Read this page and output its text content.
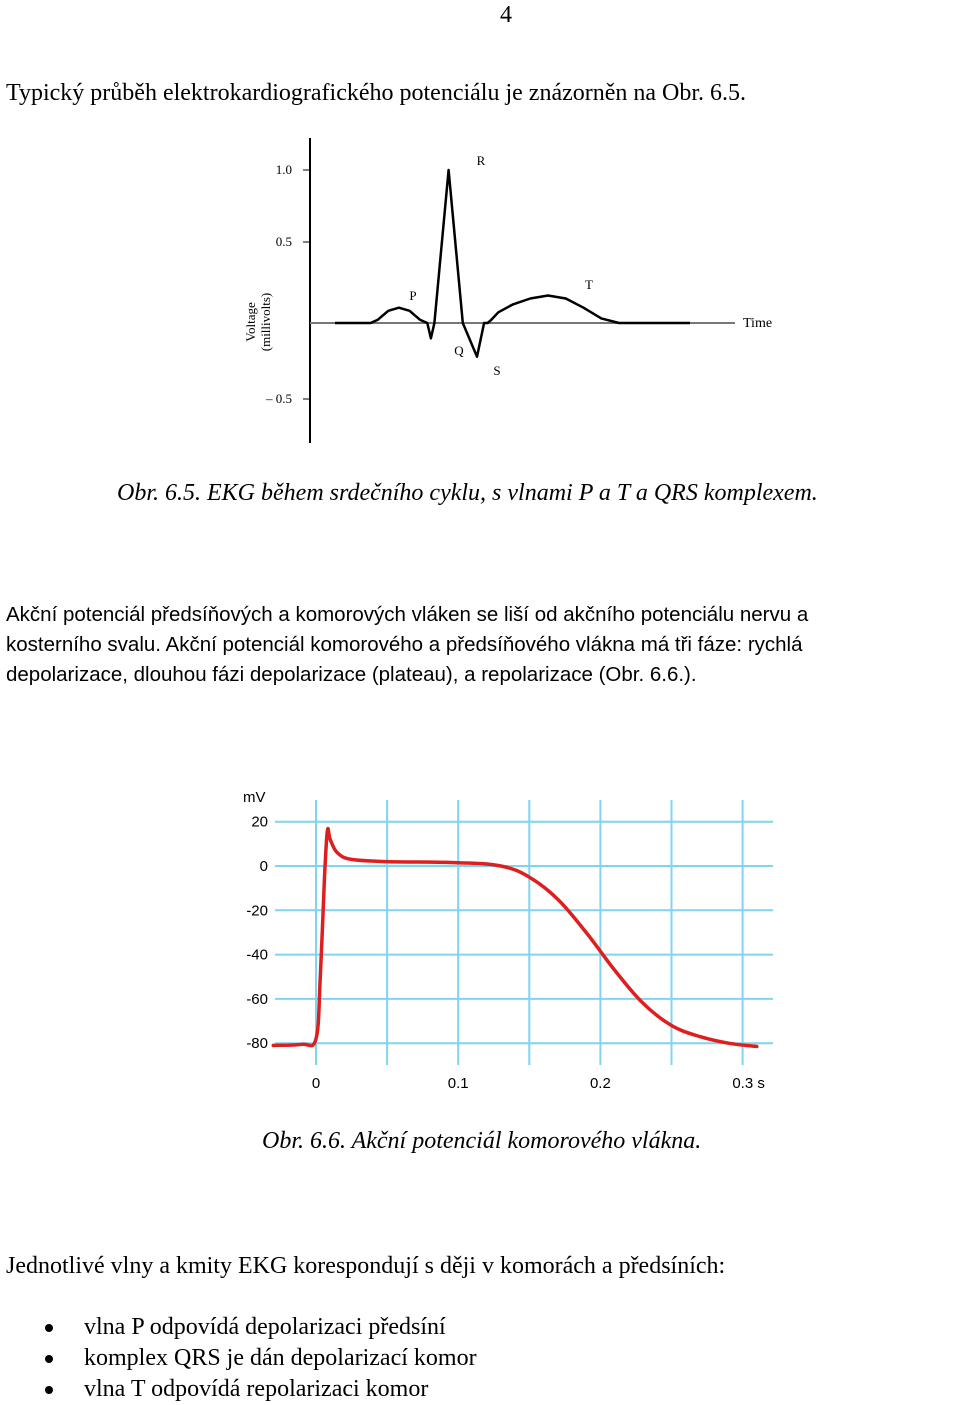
4
Typický průběh elektrokardiografického potenciálu je znázorněn na Obr. 6.5.
1.0
0.5
– 0.5
Voltage (millivolts)	Time
P
Q
R
S
T
Obr. 6.5. EKG během srdečního cyklu, s vlnami P a T a QRS komplexem.
Akční potenciál předsíňových a komorových vláken se liší od akčního potenciálu nervu a
kosterního svalu. Akční potenciál komorového a předsíňového vlákna má tři fáze: rychlá
depolarizace, dlouhou fázi depolarizace (plateau), a repolarizace (Obr. 6.6.).
20
0
-20
-40
-60
-80
0	0.1	0.2	0.3 s
mV
Obr. 6.6. Akční potenciál komorového vlákna.
Jednotlivé vlny a kmity EKG korespondují s ději v komorách a předsíních:
vlna P odpovídá depolarizaci předsíní
komplex QRS je dán depolarizací komor
vlna T odpovídá repolarizaci komor
